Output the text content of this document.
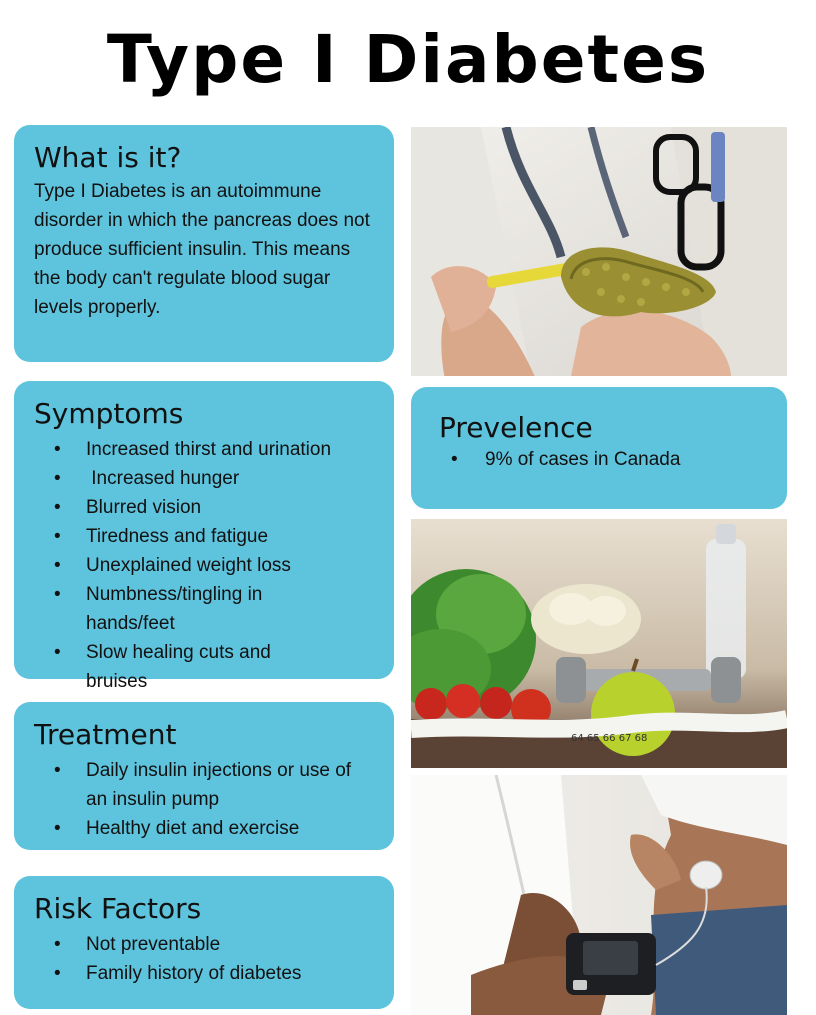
Type I Diabetes
What is it?

Type I Diabetes is an autoimmune disorder in which the pancreas does not produce sufficient insulin. This means the body can't regulate blood sugar levels properly.

Symptoms
• Increased thirst and urination
• Increased hunger
• Blurred vision
• Tiredness and fatigue
• Unexplained weight loss
• Numbness/tingling in hands/feet
• Slow healing cuts and bruises
Treatment
• Daily insulin injections or use of an insulin pump
• Healthy diet and exercise
Risk Factors
• Not preventable
• Family history of diabetes
Prevelence
• 9% of cases in Canada
64 65 66 67 68
